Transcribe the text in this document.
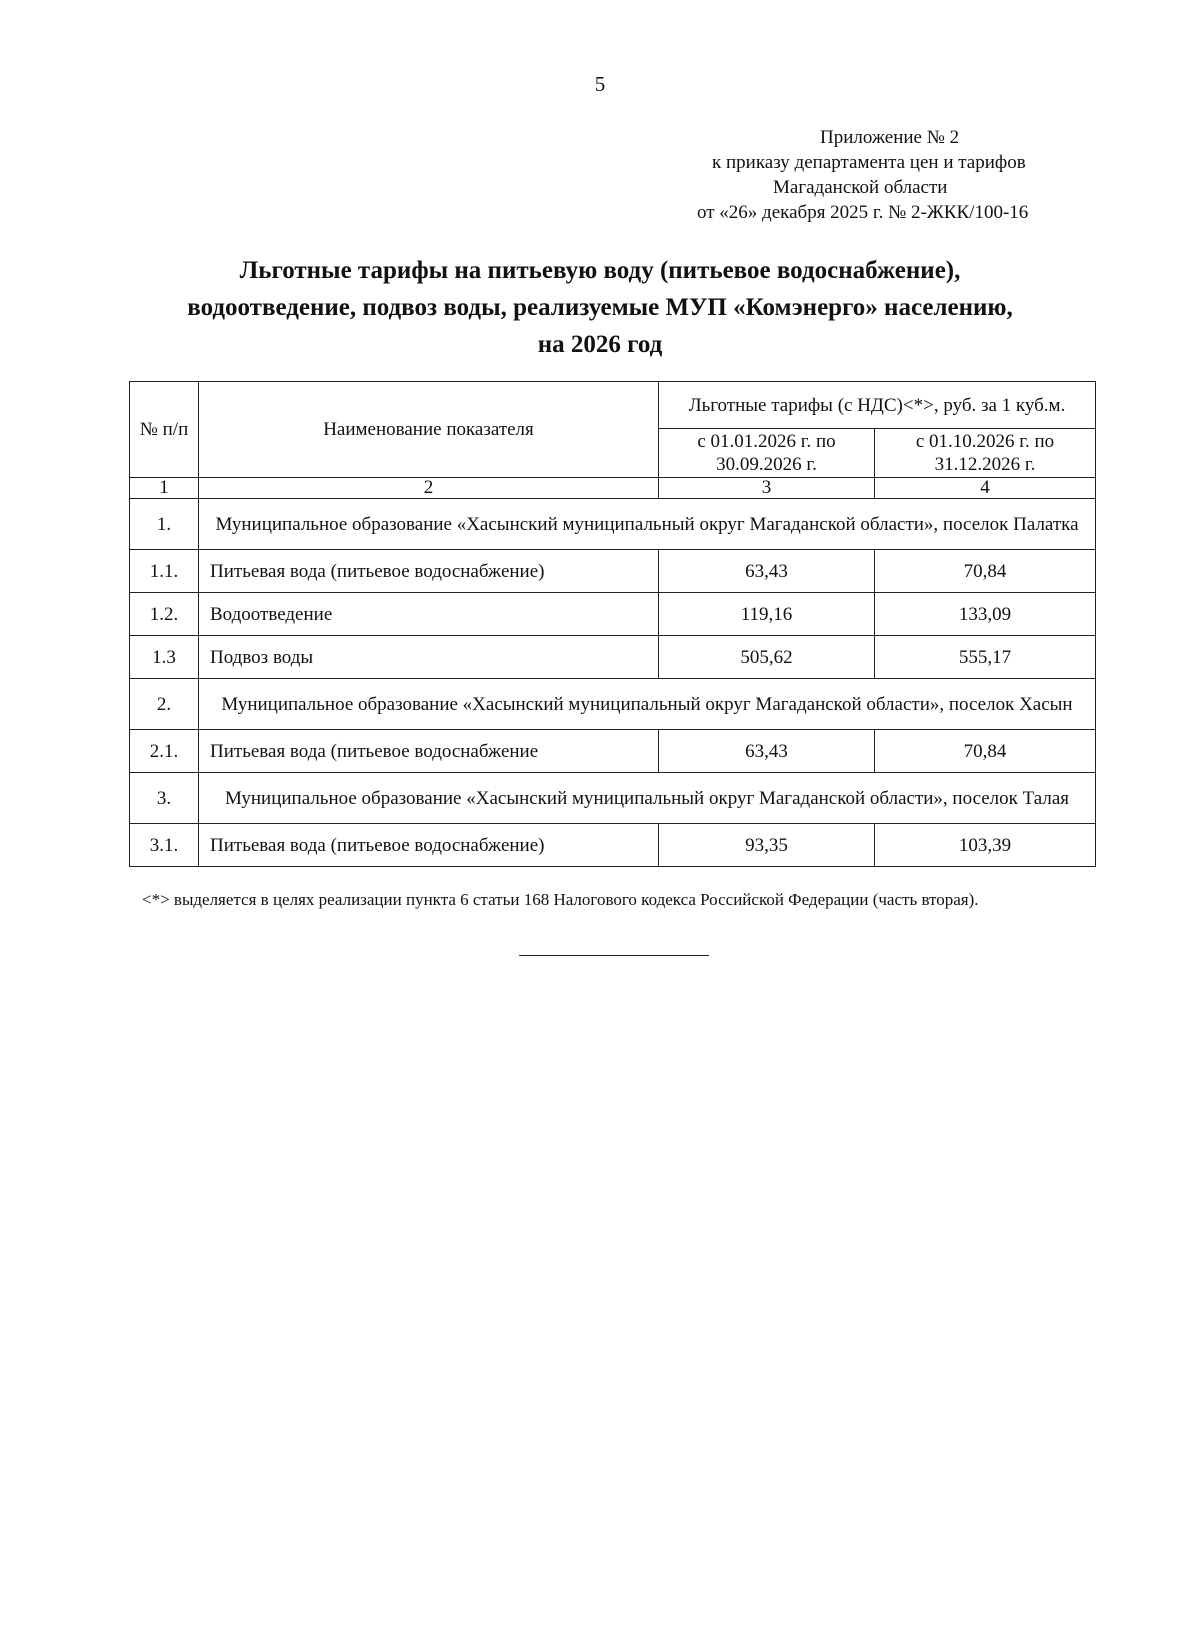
5
Приложение № 2
к приказу департамента цен и тарифов
Магаданской области
от «26» декабря 2025 г. № 2-ЖКК/100-16
Льготные тарифы на питьевую воду (питьевое водоснабжение),
водоотведение, подвоз воды, реализуемые МУП «Комэнерго» населению,
на 2026 год
№ п/п	Наименование показателя	Льготные тарифы (с НДС)<*>, руб. за 1 куб.м.	
		с 01.01.2026 г. по 30.09.2026 г.	с 01.10.2026 г. по 31.12.2026 г.
1	2	3	4
1.	Муниципальное образование «Хасынский муниципальный округ Магаданской области», поселок Палатка		
1.1.	Питьевая вода (питьевое водоснабжение)	63,43	70,84
1.2.	Водоотведение	119,16	133,09
1.3	Подвоз воды	505,62	555,17
2.	Муниципальное образование «Хасынский муниципальный округ Магаданской области», поселок Хасын		
2.1.	Питьевая вода (питьевое водоснабжение	63,43	70,84
3.	Муниципальное образование «Хасынский муниципальный округ Магаданской области», поселок Талая		
3.1.	Питьевая вода (питьевое водоснабжение)	93,35	103,39
<*> выделяется в целях реализации пункта 6 статьи 168 Налогового кодекса Российской Федерации (часть вторая).
